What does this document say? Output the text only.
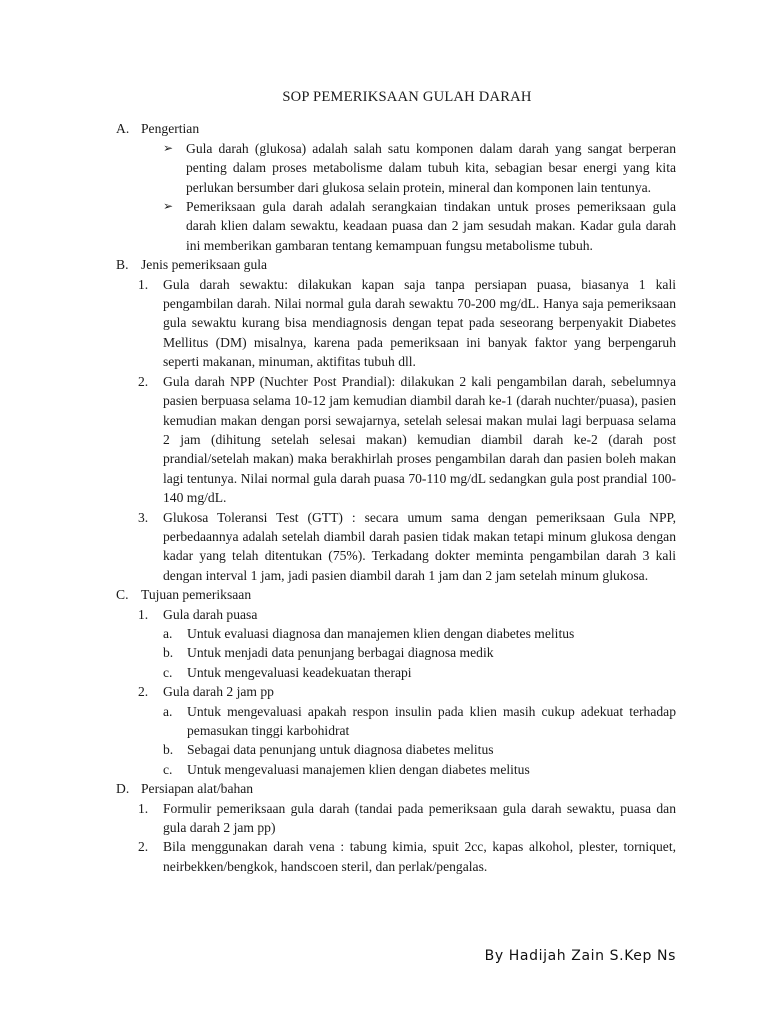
SOP PEMERIKSAAN GULAH DARAH
A. Pengertian
➢ Gula darah (glukosa) adalah salah satu komponen dalam darah yang sangat berperan penting dalam proses metabolisme dalam tubuh kita, sebagian besar energi yang kita perlukan bersumber dari glukosa selain protein, mineral dan komponen lain tentunya.
➢ Pemeriksaan gula darah adalah serangkaian tindakan untuk proses pemeriksaan gula darah klien dalam sewaktu, keadaan puasa dan 2 jam sesudah makan. Kadar gula darah ini memberikan gambaran tentang kemampuan fungsu metabolisme tubuh.
B. Jenis pemeriksaan gula
1.	Gula darah sewaktu: dilakukan kapan saja tanpa persiapan puasa, biasanya 1 kali pengambilan darah. Nilai normal gula darah sewaktu 70-200 mg/dL. Hanya saja pemeriksaan gula sewaktu kurang bisa mendiagnosis dengan tepat pada seseorang berpenyakit Diabetes Mellitus (DM) misalnya, karena pada pemeriksaan ini banyak faktor yang berpengaruh seperti makanan, minuman, aktifitas tubuh dll.
2.	Gula darah NPP (Nuchter Post Prandial): dilakukan 2 kali pengambilan darah, sebelumnya pasien berpuasa selama 10-12 jam kemudian diambil darah ke-1 (darah nuchter/puasa), pasien kemudian makan dengan porsi sewajarnya, setelah selesai makan mulai lagi berpuasa selama 2 jam (dihitung setelah selesai makan) kemudian diambil darah ke-2 (darah post prandial/setelah makan) maka berakhirlah proses pengambilan darah dan pasien boleh makan lagi tentunya. Nilai normal gula darah puasa 70-110 mg/dL sedangkan gula post prandial 100-140 mg/dL.
3.	Glukosa Toleransi Test (GTT) : secara umum sama dengan pemeriksaan Gula NPP, perbedaannya adalah setelah diambil darah pasien tidak makan tetapi minum glukosa dengan kadar yang telah ditentukan (75%). Terkadang dokter meminta pengambilan darah 3 kali dengan interval 1 jam, jadi pasien diambil darah 1 jam dan 2 jam setelah minum glukosa.
C. Tujuan pemeriksaan
1.	Gula darah puasa
a.	Untuk evaluasi diagnosa dan manajemen klien dengan diabetes melitus
b.	Untuk menjadi data penunjang berbagai diagnosa medik
c.	Untuk mengevaluasi keadekuatan therapi
2.	Gula darah 2 jam pp
a.	Untuk mengevaluasi apakah respon insulin pada klien masih cukup adekuat terhadap pemasukan tinggi karbohidrat
b.	Sebagai data penunjang untuk diagnosa diabetes melitus
c.	Untuk mengevaluasi manajemen klien dengan diabetes melitus
D. Persiapan alat/bahan
1.	Formulir pemeriksaan gula darah (tandai pada pemeriksaan gula darah sewaktu, puasa dan gula darah 2 jam pp)
2.	Bila menggunakan darah vena : tabung kimia, spuit 2cc, kapas alkohol, plester, torniquet, neirbekken/bengkok, handscoen steril, dan perlak/pengalas.
By Hadijah Zain S.Kep Ns
